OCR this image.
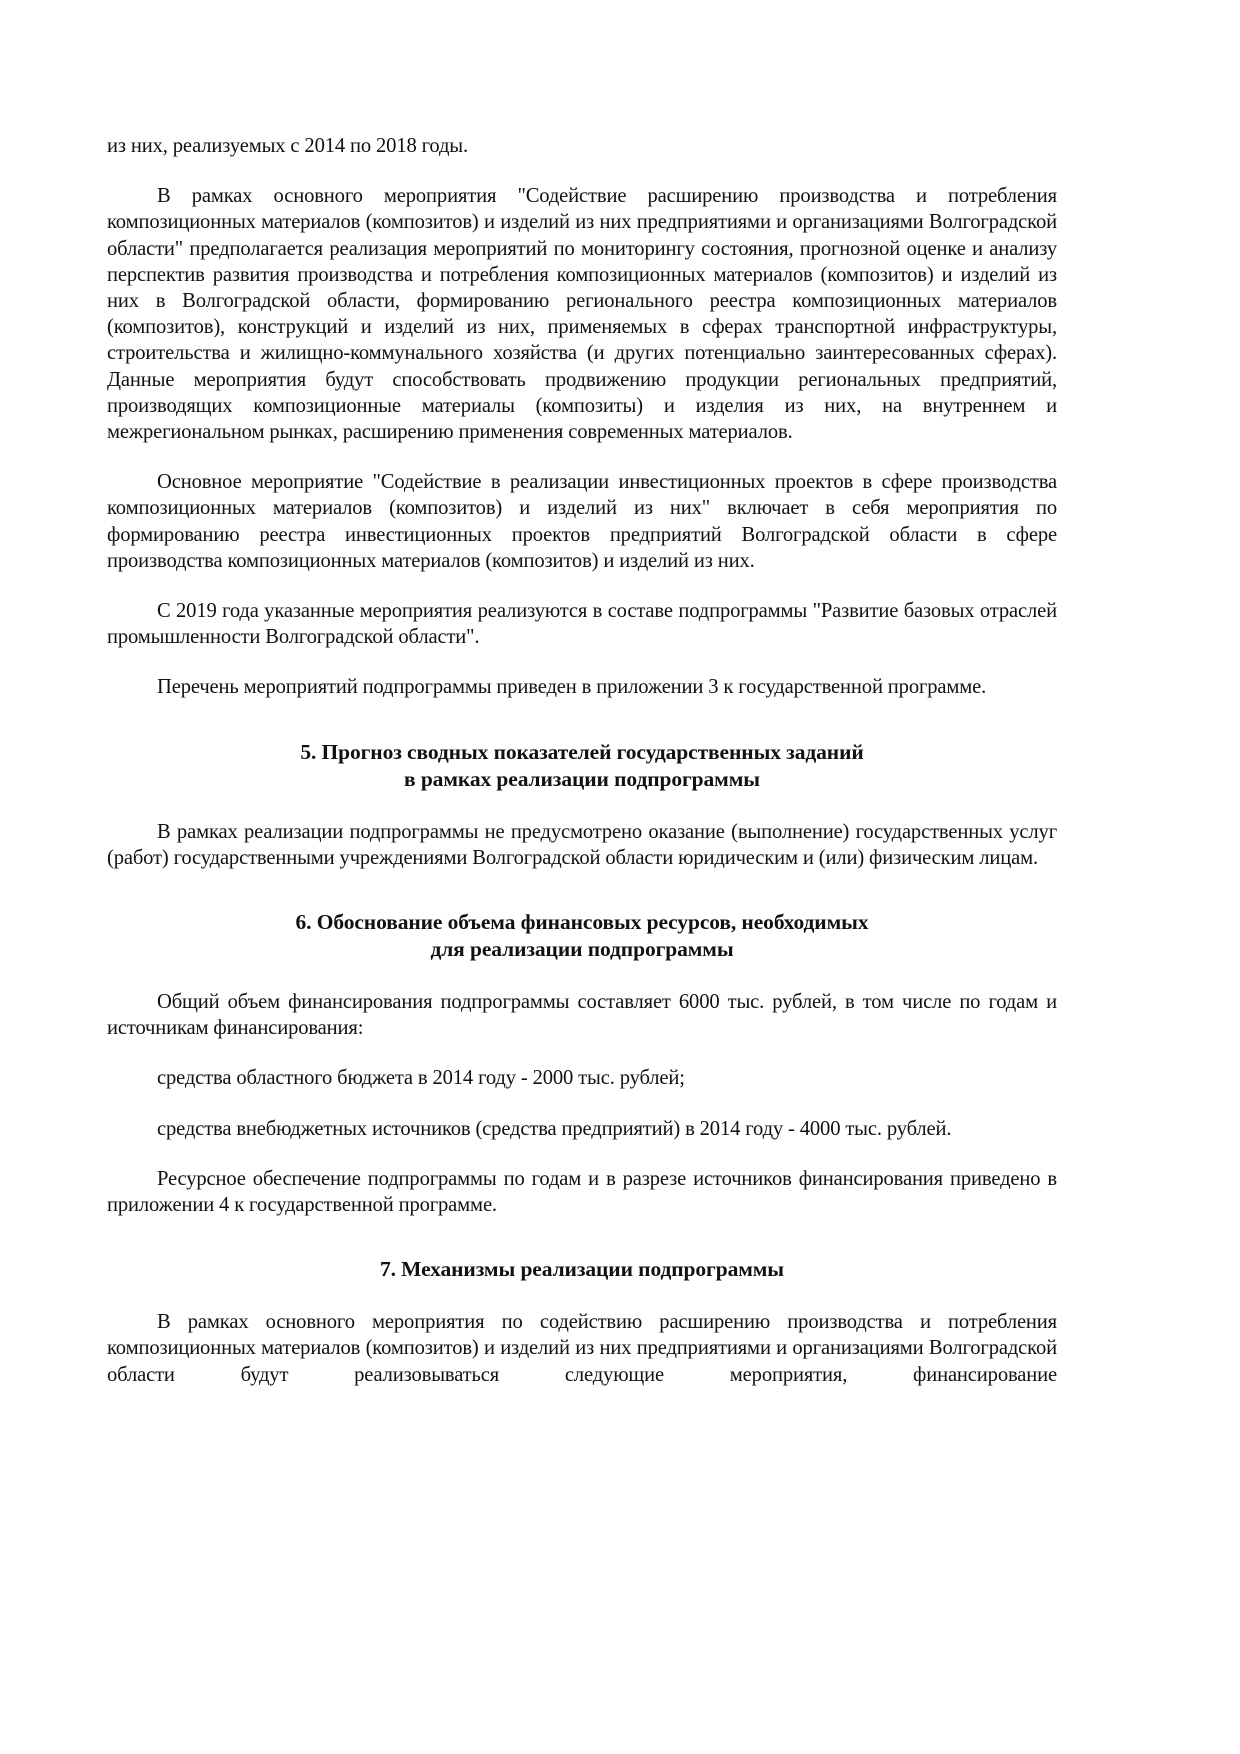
из них, реализуемых с 2014 по 2018 годы.

В рамках основного мероприятия "Содействие расширению производства и потребления композиционных материалов (композитов) и изделий из них предприятиями и организациями Волгоградской области" предполагается реализация мероприятий по мониторингу состояния, прогнозной оценке и анализу перспектив развития производства и потребления композиционных материалов (композитов) и изделий из них в Волгоградской области, формированию регионального реестра композиционных материалов (композитов), конструкций и изделий из них, применяемых в сферах транспортной инфраструктуры, строительства и жилищно-коммунального хозяйства (и других потенциально заинтересованных сферах). Данные мероприятия будут способствовать продвижению продукции региональных предприятий, производящих композиционные материалы (композиты) и изделия из них, на внутреннем и межрегиональном рынках, расширению применения современных материалов.

Основное мероприятие "Содействие в реализации инвестиционных проектов в сфере производства композиционных материалов (композитов) и изделий из них" включает в себя мероприятия по формированию реестра инвестиционных проектов предприятий Волгоградской области в сфере производства композиционных материалов (композитов) и изделий из них.

С 2019 года указанные мероприятия реализуются в составе подпрограммы "Развитие базовых отраслей промышленности Волгоградской области".

Перечень мероприятий подпрограммы приведен в приложении 3 к государственной программе.

5. Прогноз сводных показателей государственных заданий
в рамках реализации подпрограммы

В рамках реализации подпрограммы не предусмотрено оказание (выполнение) государственных услуг (работ) государственными учреждениями Волгоградской области юридическим и (или) физическим лицам.

6. Обоснование объема финансовых ресурсов, необходимых
для реализации подпрограммы

Общий объем финансирования подпрограммы составляет 6000 тыс. рублей, в том числе по годам и источникам финансирования:

средства областного бюджета в 2014 году - 2000 тыс. рублей;

средства внебюджетных источников (средства предприятий) в 2014 году - 4000 тыс. рублей.

Ресурсное обеспечение подпрограммы по годам и в разрезе источников финансирования приведено в приложении 4 к государственной программе.

7. Механизмы реализации подпрограммы

В рамках основного мероприятия по содействию расширению производства и потребления композиционных материалов (композитов) и изделий из них предприятиями и организациями Волгоградской области будут реализовываться следующие мероприятия, финансирование
